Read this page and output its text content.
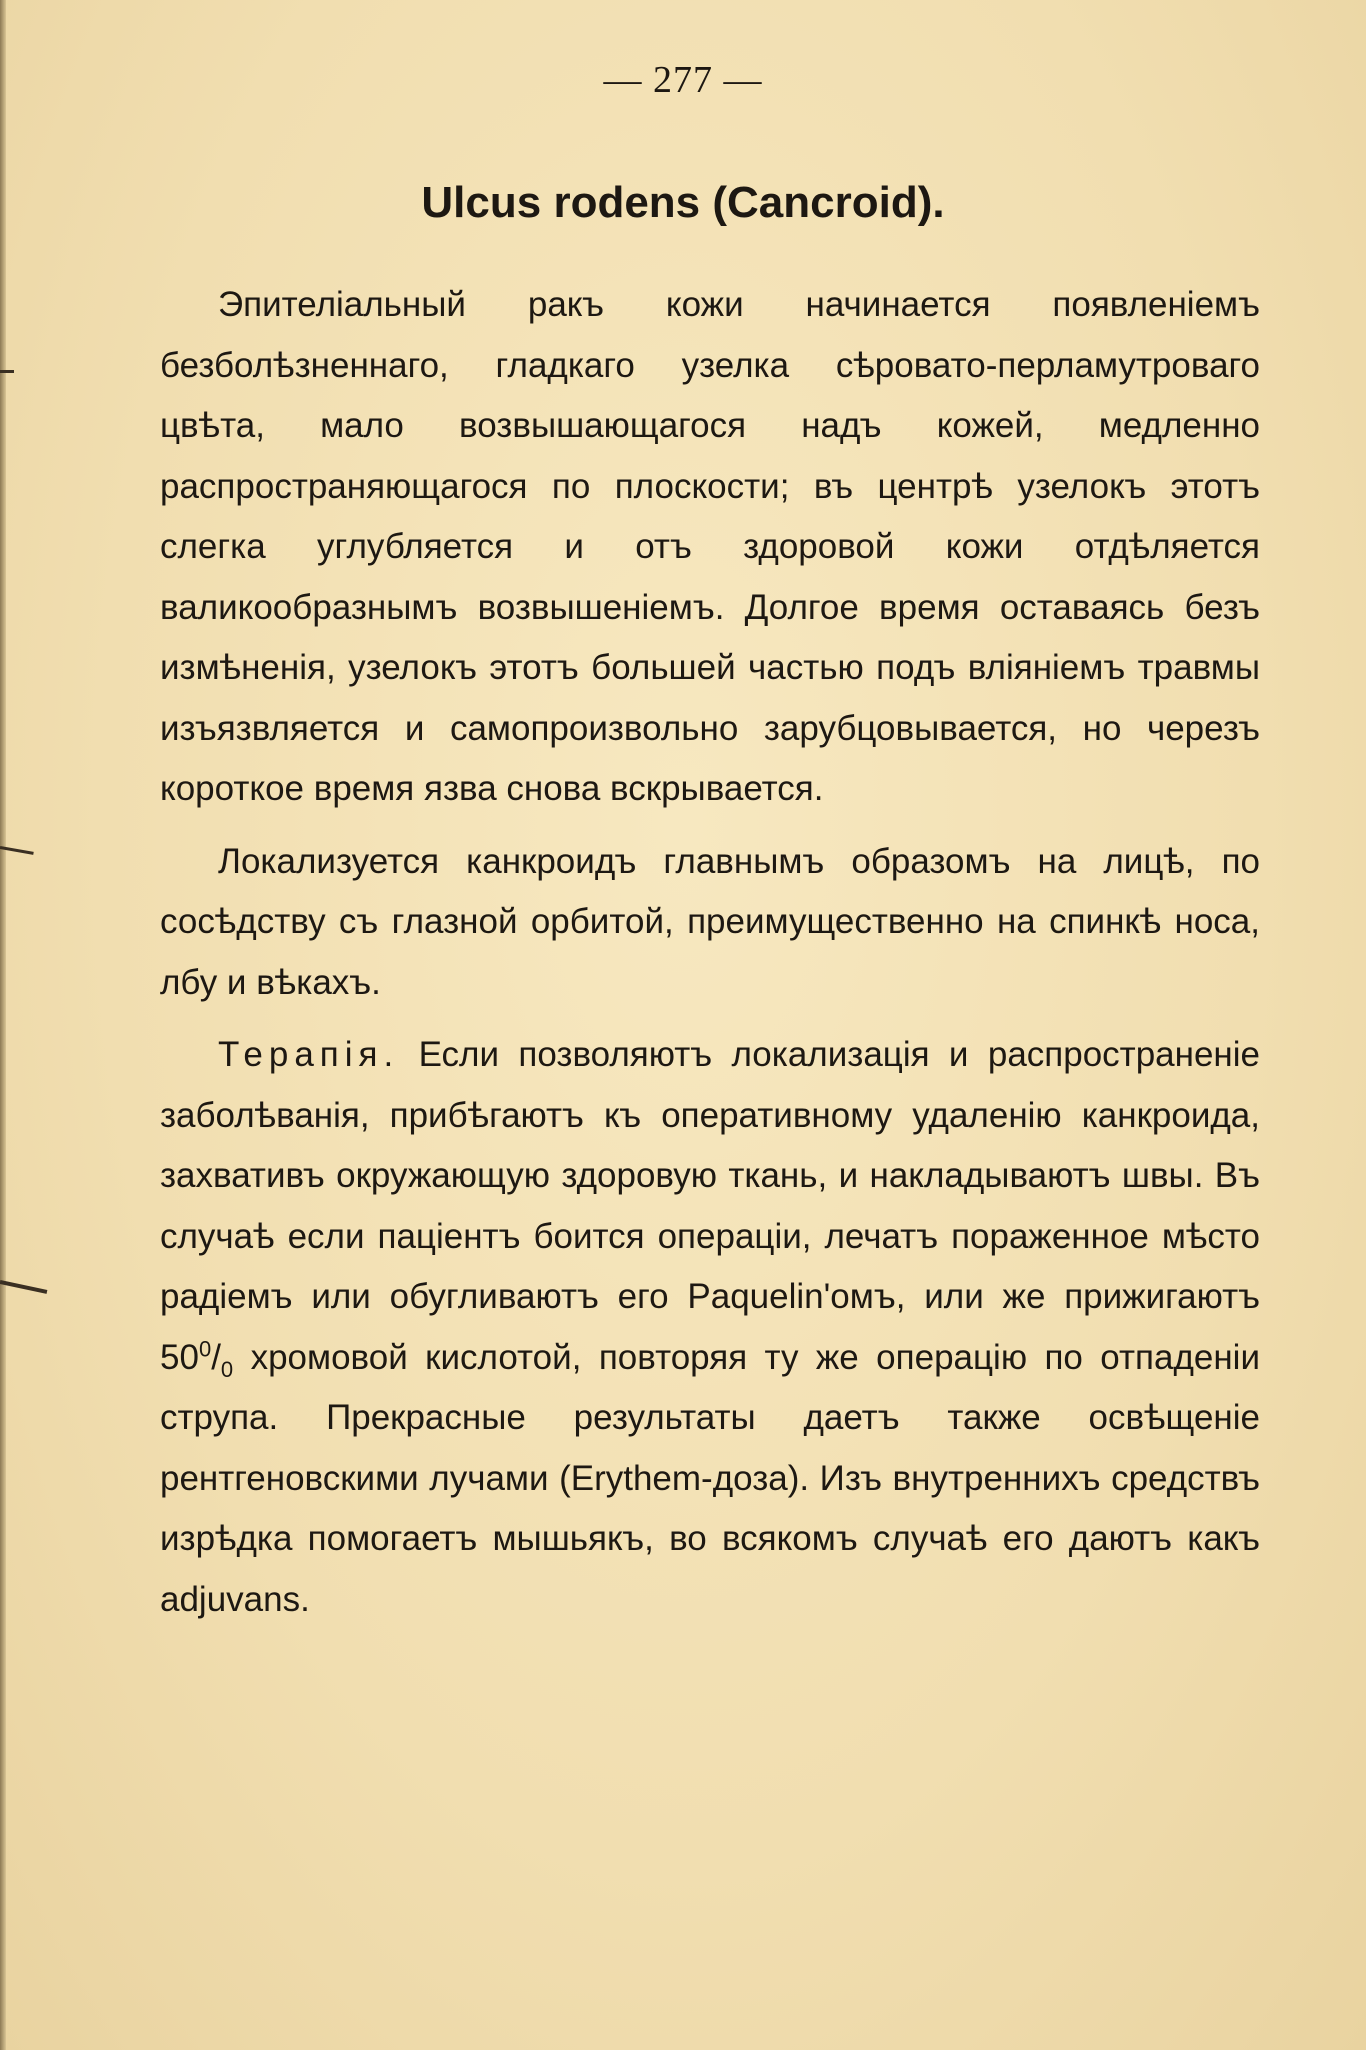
— 277 —
Ulcus rodens (Cancroid).

Эпителіальный ракъ кожи начинается появленіемъ безболѣзненнаго, гладкаго узелка сѣровато-перламутроваго цвѣта, мало возвышающагося надъ кожей, медленно распространяющагося по плоскости; въ центрѣ узелокъ этотъ слегка углубляется и отъ здоровой кожи отдѣляется валикообразнымъ возвышеніемъ. Долгое время оставаясь безъ измѣненія, узелокъ этотъ большей частью подъ вліяніемъ травмы изъязвляется и самопроизвольно зарубцовывается, но черезъ короткое время язва снова вскрывается.

Локализуется канкроидъ главнымъ образомъ на лицѣ, по сосѣдству съ глазной орбитой, преимущественно на спинкѣ носа, лбу и вѣкахъ.

Терапія. Если позволяютъ локализація и распространеніе заболѣванія, прибѣгаютъ къ оперативному удаленію канкроида, захвативъ окружающую здоровую ткань, и накладываютъ швы. Въ случаѣ если паціентъ боится операціи, лечатъ пораженное мѣсто радіемъ или обугливаютъ его Paquelin'омъ, или же прижигаютъ $50^0/_0$ хромовой кислотой, повторяя ту же операцію по отпаденіи струпа. Прекрасные результаты даетъ также освѣщеніе рентгеновскими лучами (Erythem-доза). Изъ внутреннихъ средствъ изрѣдка помогаетъ мышьякъ, во всякомъ случаѣ его даютъ какъ adjuvans.
